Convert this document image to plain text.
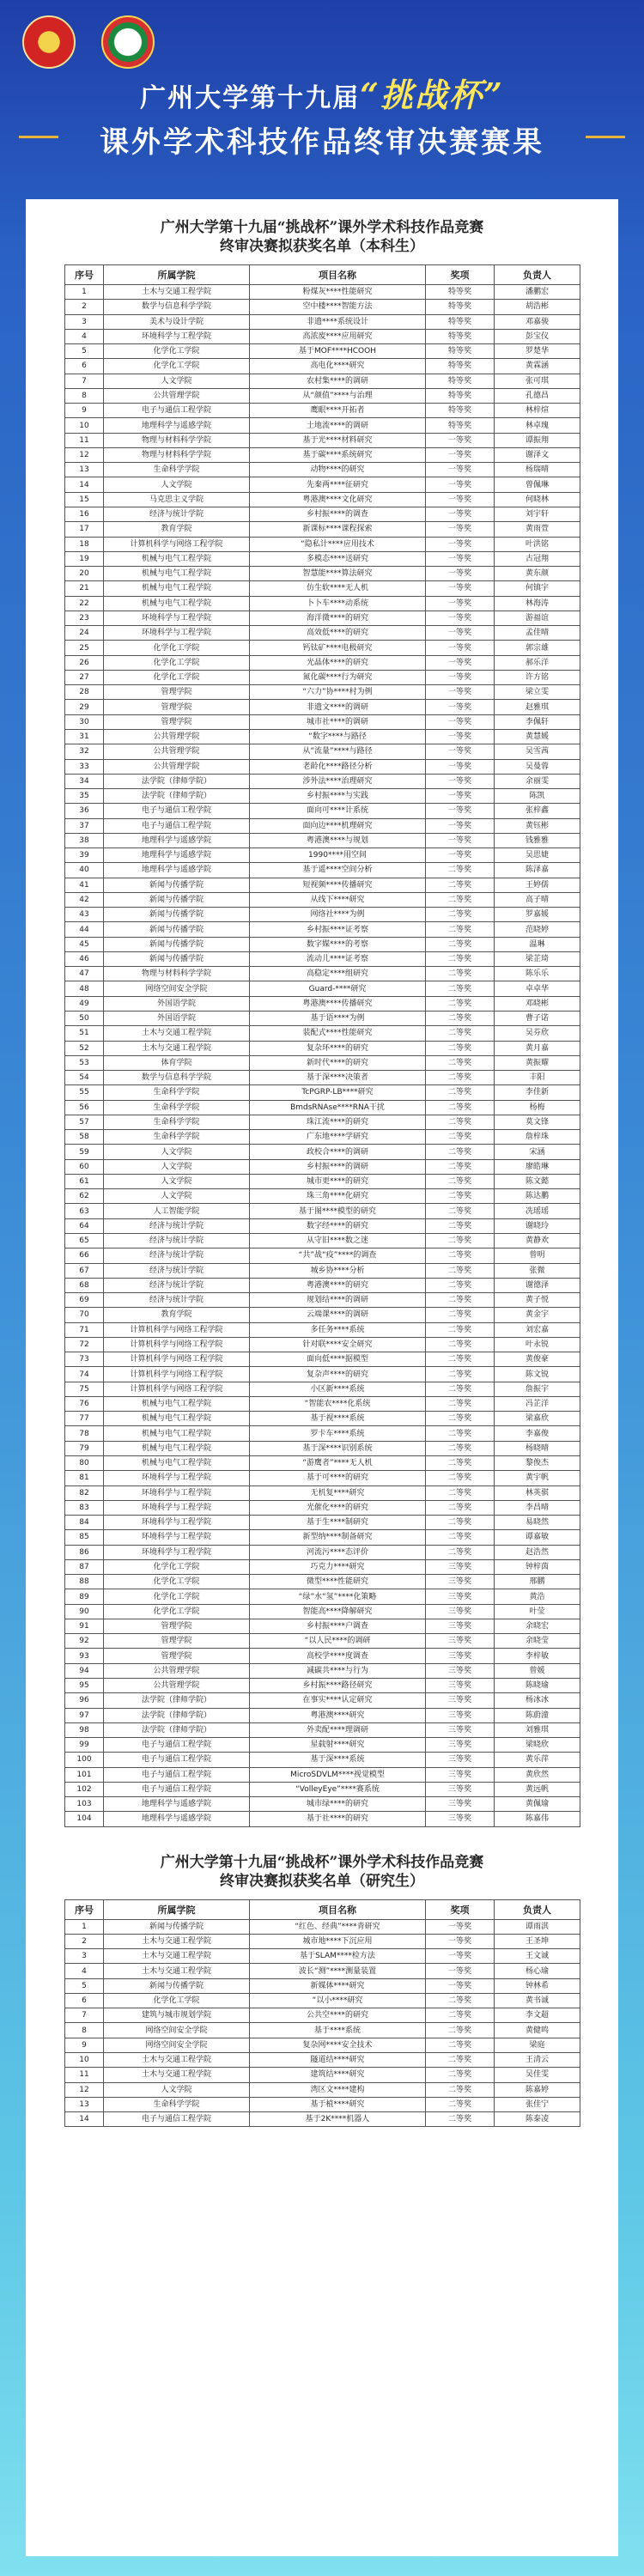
广州大学第十九届“挑战杯”
课外学术科技作品终审决赛赛果
广州大学第十九届“挑战杯”课外学术科技作品竞赛
终审决赛拟获奖名单（本科生）
序号	所属学院	项目名称	奖项	负责人
1	土木与交通工程学院	粉煤灰****性能研究	特等奖	潘鹏宏
2	数学与信息科学学院	空中楼****智能方法	特等奖	胡浩彬
3	美术与设计学院	非遗****系统设计	特等奖	邓嘉骏
4	环境科学与工程学院	高浓废****应用研究	特等奖	彭宝仪
5	化学化工学院	基于MOF****HCOOH	特等奖	罗楚华
6	化学化工学院	高电化****研究	特等奖	黄霖涵
7	人文学院	农村集****的调研	特等奖	张可琪
8	公共管理学院	从“颜值”****与治理	特等奖	孔德昌
9	电子与通信工程学院	鹰眼****开拓者	特等奖	林梓煊
10	地理科学与遥感学院	土地流****的调研	特等奖	林卓瑰
11	物理与材料科学学院	基于光****材料研究	一等奖	谭振翔
12	物理与材料科学学院	基于碳****系统研究	一等奖	谢泽文
13	生命科学学院	动物****的研究	一等奖	杨瑞晴
14	人文学院	先秦两****征研究	一等奖	曾佩琳
15	马克思主义学院	粤港澳****文化研究	一等奖	何晓林
16	经济与统计学院	乡村振****的调查	一等奖	刘宇轩
17	教育学院	新课标****课程探索	一等奖	黄雨萱
18	计算机科学与网络工程学院	“隐私计****应用技术	一等奖	叶洪铭
19	机械与电气工程学院	多模态****送研究	一等奖	古冠翔
20	机械与电气工程学院	智慧能****算法研究	一等奖	黄东颜
21	机械与电气工程学院	仿生软****无人机	一等奖	何镇宇
22	机械与电气工程学院	卜卜车****动系统	一等奖	林海涛
23	环境科学与工程学院	海洋微****的研究	一等奖	游福谊
24	环境科学与工程学院	高效低****的研究	一等奖	孟佳晴
25	化学化工学院	钙钛矿****电极研究	一等奖	郭宗雄
26	化学化工学院	光晶体****的研究	一等奖	郝乐洋
27	化学化工学院	氮化碳****行为研究	一等奖	许方铭
28	管理学院	“六力”协****村为例	一等奖	梁立雯
29	管理学院	非遗文****的调研	一等奖	赵雅琪
30	管理学院	城市社****的调研	一等奖	李佩轩
31	公共管理学院	“数字****与路径	一等奖	黄慧媛
32	公共管理学院	从“流量”****与路径	一等奖	吴雪茜
33	公共管理学院	老龄化****路径分析	一等奖	吴曼蓉
34	法学院（律师学院）	涉外法****治理研究	一等奖	余丽雯
35	法学院（律师学院）	乡村振****与实践	一等奖	陈凯
36	电子与通信工程学院	面向可****计系统	一等奖	张梓鑫
37	电子与通信工程学院	面向边****机理研究	一等奖	黄钰彬
38	地理科学与遥感学院	粤港澳****与规划	一等奖	钱雅雅
39	地理科学与遥感学院	1990****用空间	一等奖	吴思婕
40	地理科学与遥感学院	基于遥****空间分析	二等奖	陈泽嘉
41	新闻与传播学院	短视频****传播研究	二等奖	王婷儒
42	新闻与传播学院	从线下****研究	二等奖	高子晴
43	新闻与传播学院	网络社****为例	二等奖	罗嘉媛
44	新闻与传播学院	乡村振****证考察	二等奖	范晓婷
45	新闻与传播学院	数字媒****的考察	二等奖	温琳
46	新闻与传播学院	流动儿****证考察	二等奖	梁芷琦
47	物理与材料科学学院	高稳定****组研究	二等奖	陈乐乐
48	网络空间安全学院	Guard-****研究	二等奖	卓卓华
49	外国语学院	粤港澳****传播研究	二等奖	邓晓彬
50	外国语学院	基于语****为例	二等奖	曹子诺
51	土木与交通工程学院	装配式****性能研究	二等奖	吴芬欣
52	土木与交通工程学院	复杂环****的研究	二等奖	黄月嘉
53	体育学院	新时代****的研究	二等奖	黄振耀
54	数学与信息科学学院	基于深****决策者	二等奖	丰阳
55	生命科学学院	TcPGRP-LB****研究	二等奖	李佳新
56	生命科学学院	BmdsRNAse****RNA干扰	二等奖	杨梅
57	生命科学学院	珠江流****的研究	二等奖	莫文锋
58	生命科学学院	广东地****学研究	二等奖	詹梓珠
59	人文学院	政校合****的调研	二等奖	宋涵
60	人文学院	乡村振****的调研	二等奖	廖皓琳
61	人文学院	城市更****的研究	二等奖	陈文懿
62	人文学院	珠三角****化研究	二等奖	陈达鹏
63	人工智能学院	基于图****模型的研究	二等奖	冼瑶瑶
64	经济与统计学院	数字经****的研究	二等奖	谢晓玲
65	经济与统计学院	从守旧****数之迷	二等奖	黄静欢
66	经济与统计学院	“共”战“疫”****的调查	二等奖	曾明
67	经济与统计学院	城乡协****分析	二等奖	张微
68	经济与统计学院	粤港澳****的研究	二等奖	谢德泽
69	经济与统计学院	规划结****的调研	二等奖	黄子悦
70	教育学院	云端课****的调研	二等奖	黄金宇
71	计算机科学与网络工程学院	多任务****系统	二等奖	刘宏嘉
72	计算机科学与网络工程学院	针对联****安全研究	二等奖	叶永锐
73	计算机科学与网络工程学院	面向低****据模型	二等奖	黄俊豪
74	计算机科学与网络工程学院	复杂声****的研究	二等奖	陈文锐
75	计算机科学与网络工程学院	小区新****系统	二等奖	詹振宇
76	机械与电气工程学院	“智能农****化系统	二等奖	冯芷洋
77	机械与电气工程学院	基于视****系统	二等奖	梁嘉欣
78	机械与电气工程学院	罗卡车****系统	二等奖	李嘉俊
79	机械与电气工程学院	基于深****识别系统	二等奖	杨晓晴
80	机械与电气工程学院	“游鹰者”****无人机	二等奖	黎俊杰
81	环境科学与工程学院	基于可****的研究	二等奖	黄宇帆
82	环境科学与工程学院	无机复****研究	二等奖	林英骐
83	环境科学与工程学院	光催化****的研究	二等奖	李昌晴
84	环境科学与工程学院	基于生****制研究	二等奖	易晓然
85	环境科学与工程学院	新型纳****制备研究	二等奖	谭嘉敏
86	环境科学与工程学院	河流污****态评价	二等奖	赵浩然
87	化学化工学院	巧克力****研究	三等奖	钟梓茵
88	化学化工学院	微型****性能研究	三等奖	邢鹏
89	化学化工学院	“绿”水“氢”****化策略	三等奖	黄浩
90	化学化工学院	智能高****降解研究	三等奖	叶莹
91	管理学院	乡村振****户调查	三等奖	余晓宏
92	管理学院	“以人民****的调研	三等奖	余晓莹
93	管理学院	高校学****度调查	三等奖	李梓敏
94	公共管理学院	减碳共****与行为	三等奖	曾媛
95	公共管理学院	乡村振****路径研究	三等奖	陈晓瑜
96	法学院（律师学院）	在事实****认定研究	三等奖	杨冰冰
97	法学院（律师学院）	粤港澳****研究	三等奖	陈蔚潼
98	法学院（律师学院）	外卖配****理调研	三等奖	刘雅琪
99	电子与通信工程学院	星载射****研究	三等奖	梁晓欣
100	电子与通信工程学院	基于深****系统	三等奖	黄乐萍
101	电子与通信工程学院	MicroSDVLM****视觉模型	三等奖	黄欣然
102	电子与通信工程学院	“VolleyEye”****赛系统	三等奖	黄远帆
103	地理科学与遥感学院	城市绿****的研究	三等奖	黄佩瑜
104	地理科学与遥感学院	基于社****的研究	三等奖	陈嘉伟
广州大学第十九届“挑战杯”课外学术科技作品竞赛
终审决赛拟获奖名单（研究生）
序号	所属学院	项目名称	奖项	负责人
1	新闻与传播学院	“红色、经典”****青研究	一等奖	谭雨淇
2	土木与交通工程学院	城市地****下沉应用	一等奖	王圣坤
3	土木与交通工程学院	基于SLAM****检方法	一等奖	王文诚
4	土木与交通工程学院	波长“测”****测量装置	一等奖	杨心瑜
5	新闻与传播学院	新媒体****研究	一等奖	钟林希
6	化学化工学院	“以小****研究	二等奖	黄书诚
7	建筑与城市规划学院	公共空****的研究	二等奖	李文超
8	网络空间安全学院	基于****系统	二等奖	黄健鸣
9	网络空间安全学院	复杂网****安全技术	二等奖	梁庭
10	土木与交通工程学院	隧道结****研究	二等奖	王清云
11	土木与交通工程学院	建筑结****研究	二等奖	吴佳雯
12	人文学院	湾区文****建构	二等奖	陈嘉婷
13	生命科学学院	基于植****研究	二等奖	张佳宁
14	电子与通信工程学院	基于2K****机器人	二等奖	陈泰凌
